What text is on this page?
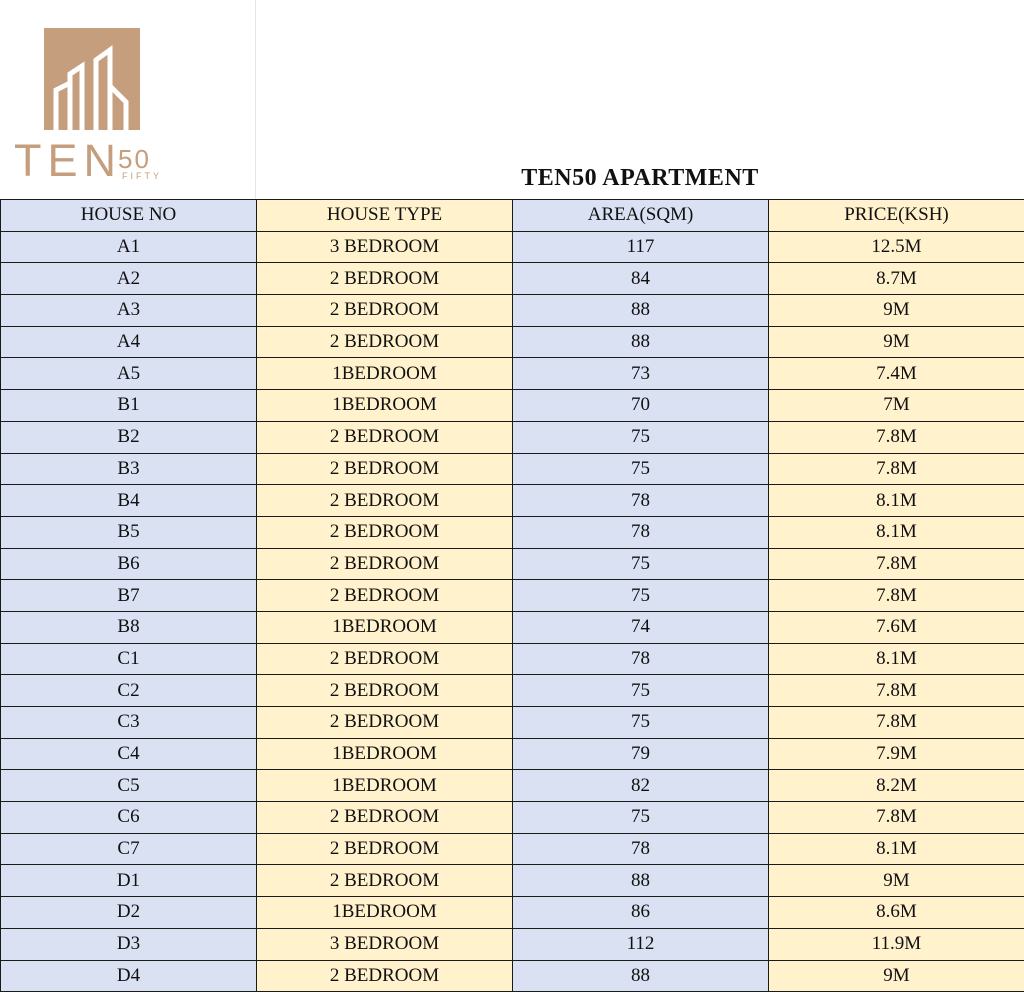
TEN
50
FIFTY	TEN50 APARTMENT
HOUSE NO	HOUSE TYPE	AREA(SQM)	PRICE(KSH)
A1	3 BEDROOM	117	12.5M
A2	2 BEDROOM	84	8.7M
A3	2 BEDROOM	88	9M
A4	2 BEDROOM	88	9M
A5	1BEDROOM	73	7.4M
B1	1BEDROOM	70	7M
B2	2 BEDROOM	75	7.8M
B3	2 BEDROOM	75	7.8M
B4	2 BEDROOM	78	8.1M
B5	2 BEDROOM	78	8.1M
B6	2 BEDROOM	75	7.8M
B7	2 BEDROOM	75	7.8M
B8	1BEDROOM	74	7.6M
C1	2 BEDROOM	78	8.1M
C2	2 BEDROOM	75	7.8M
C3	2 BEDROOM	75	7.8M
C4	1BEDROOM	79	7.9M
C5	1BEDROOM	82	8.2M
C6	2 BEDROOM	75	7.8M
C7	2 BEDROOM	78	8.1M
D1	2 BEDROOM	88	9M
D2	1BEDROOM	86	8.6M
D3	3 BEDROOM	112	11.9M
D4	2 BEDROOM	88	9M
